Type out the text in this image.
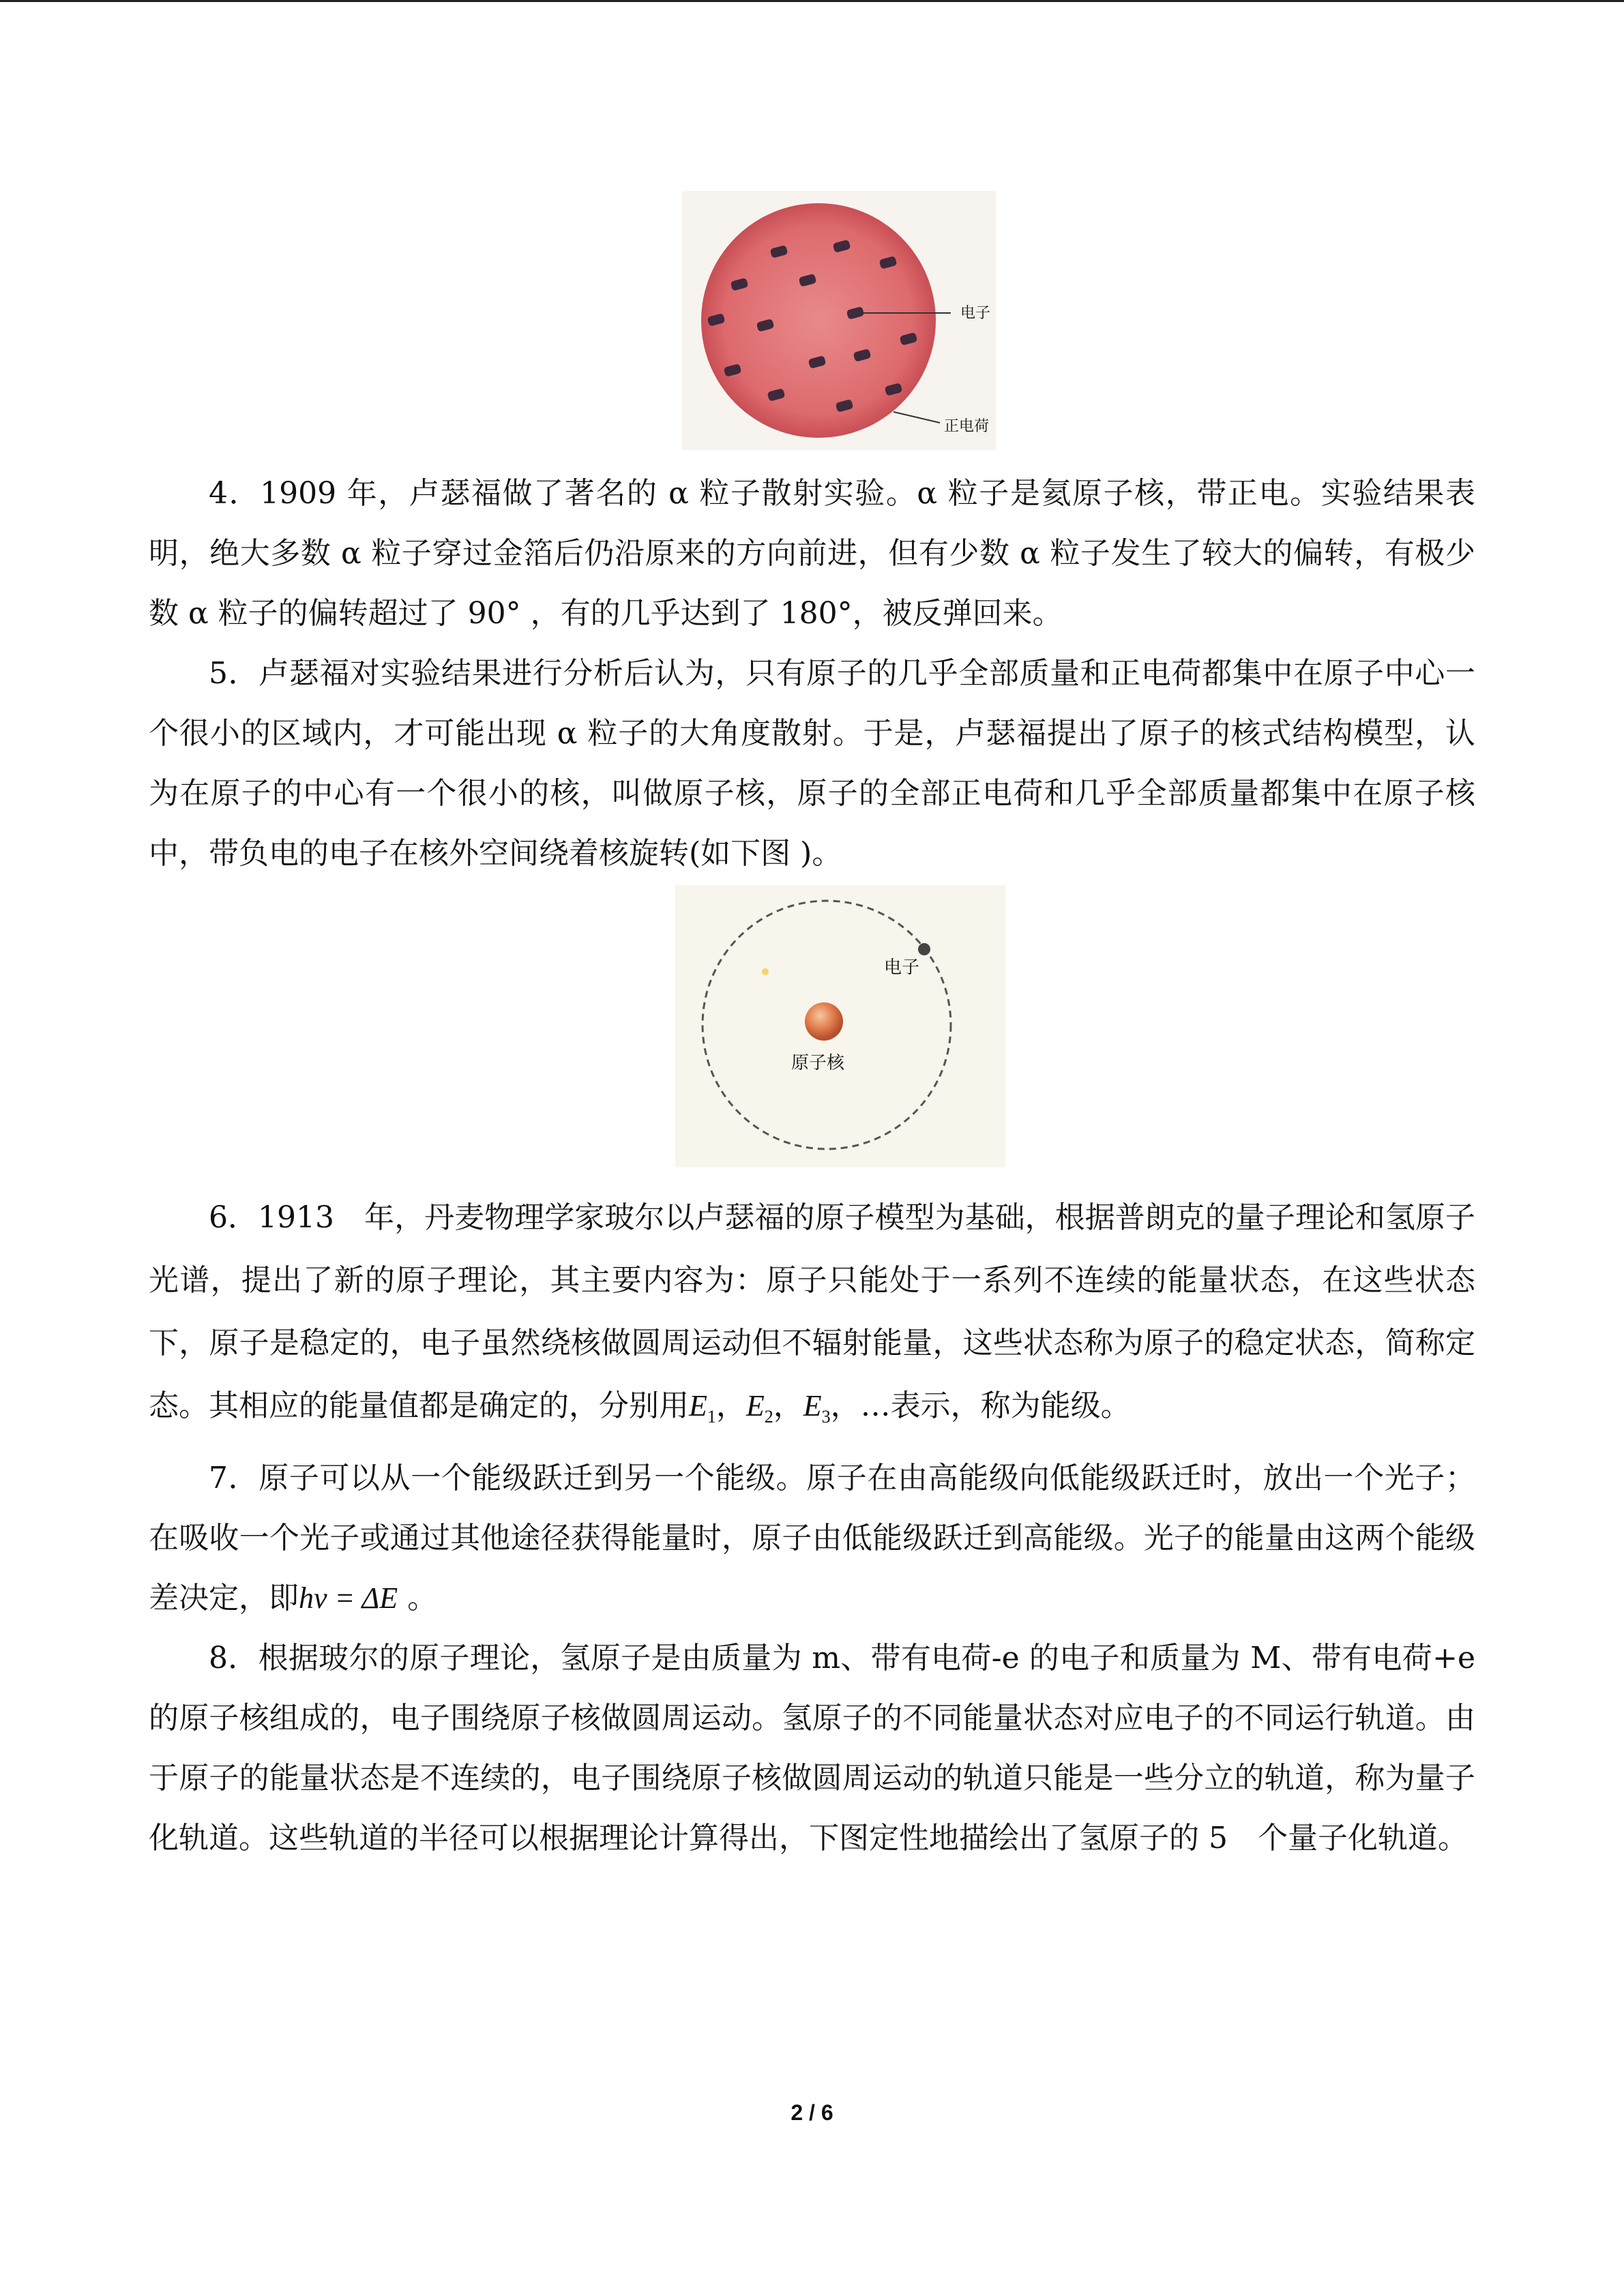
电子
正电荷

4．1909 年，卢瑟福做了著名的 α 粒子散射实验。α 粒子是氦原子核，带正电。实验结果表明，绝大多数 α 粒子穿过金箔后仍沿原来的方向前进，但有少数 α 粒子发生了较大的偏转，有极少数 α 粒子的偏转超过了 90° ，有的几乎达到了 180°，被反弹回来。

5．卢瑟福对实验结果进行分析后认为，只有原子的几乎全部质量和正电荷都集中在原子中心一个很小的区域内，才可能出现 α 粒子的大角度散射。于是，卢瑟福提出了原子的核式结构模型，认为在原子的中心有一个很小的核，叫做原子核，原子的全部正电荷和几乎全部质量都集中在原子核中，带负电的电子在核外空间绕着核旋转(如下图 )。

电子
原子核

6．1913　年，丹麦物理学家玻尔以卢瑟福的原子模型为基础，根据普朗克的量子理论和氢原子光谱，提出了新的原子理论，其主要内容为：原子只能处于一系列不连续的能量状态，在这些状态下，原子是稳定的，电子虽然绕核做圆周运动但不辐射能量，这些状态称为原子的稳定状态，简称定态。其相应的能量值都是确定的，分别用$E_1$，$E_2$，$E_3$，…表示，称为能级。

7．原子可以从一个能级跃迁到另一个能级。原子在由高能级向低能级跃迁时，放出一个光子；在吸收一个光子或通过其他途径获得能量时，原子由低能级跃迁到高能级。光子的能量由这两个能级差决定，即hν = ΔE 。

8．根据玻尔的原子理论，氢原子是由质量为 m、带有电荷-e 的电子和质量为 M、带有电荷+e 的原子核组成的，电子围绕原子核做圆周运动。氢原子的不同能量状态对应电子的不同运行轨道。由于原子的能量状态是不连续的，电子围绕原子核做圆周运动的轨道只能是一些分立的轨道，称为量子化轨道。这些轨道的半径可以根据理论计算得出，下图定性地描绘出了氢原子的 5　个量子化轨道。

2 / 6
